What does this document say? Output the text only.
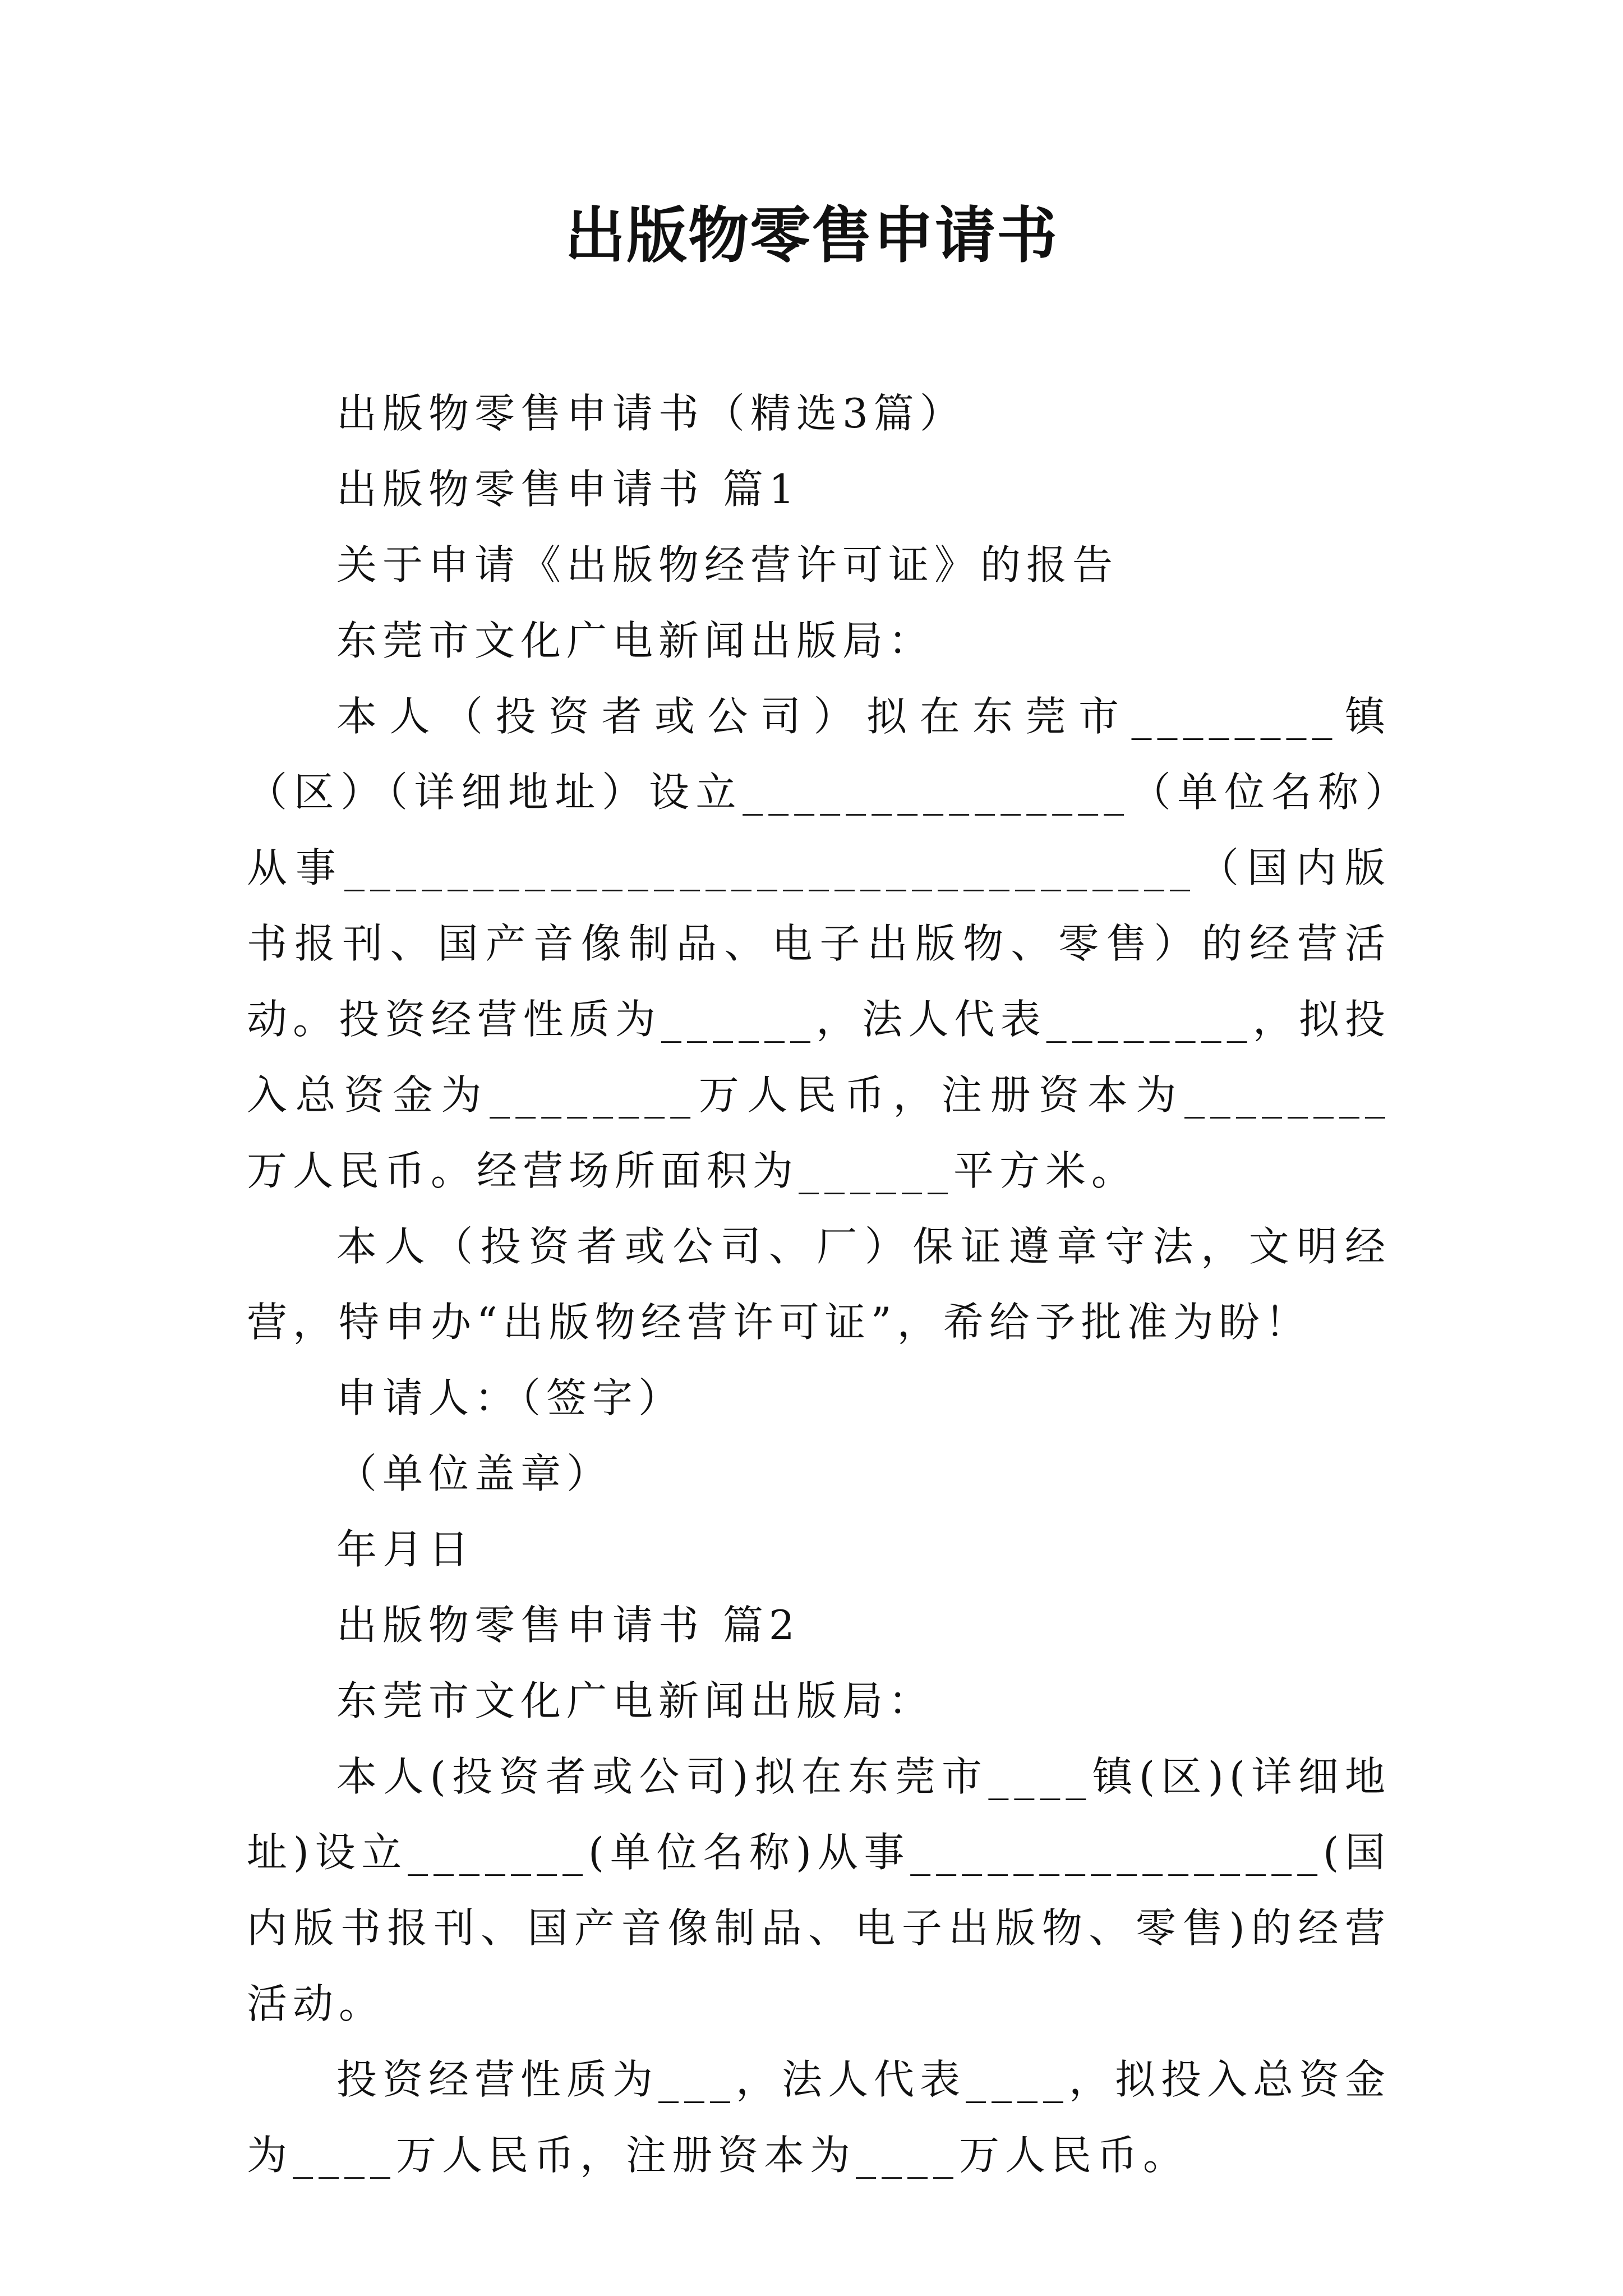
出版物零售申请书

出版物零售申请书（精选3篇）

出版物零售申请书 篇1

关于申请《出版物经营许可证》的报告

东莞市文化广电新闻出版局：

本人（投资者或公司）拟在东莞市________镇（区）（详细地址）设立_______________（单位名称）从事_________________________________（国内版书报刊、国产音像制品、电子出版物、零售）的经营活动。投资经营性质为______，法人代表________，拟投入总资金为________万人民币，注册资本为________万人民币。经营场所面积为______平方米。

本人（投资者或公司、厂）保证遵章守法，文明经营，特申办“出版物经营许可证”，希给予批准为盼！

申请人：（签字）

（单位盖章）

年月日

出版物零售申请书 篇2

东莞市文化广电新闻出版局：

本人(投资者或公司)拟在东莞市____镇(区)(详细地址)设立_______(单位名称)从事________________(国内版书报刊、国产音像制品、电子出版物、零售)的经营活动。

投资经营性质为___，法人代表____，拟投入总资金为____万人民币，注册资本为____万人民币。
